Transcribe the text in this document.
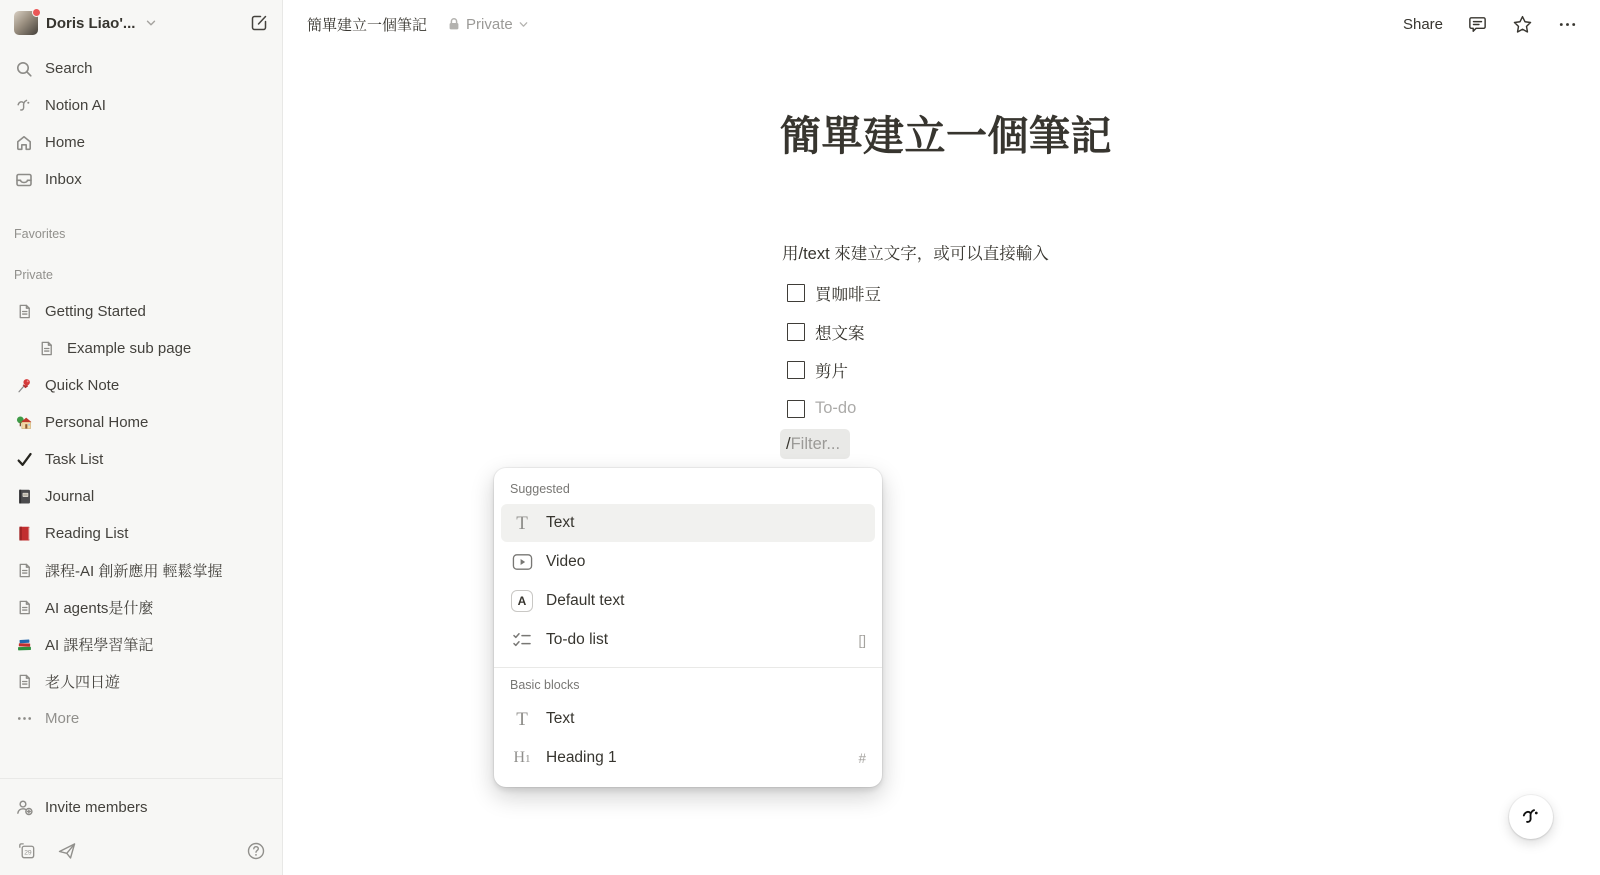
Doris Liao'...
Search
Notion AI
Home
Inbox
Favorites
Private
Getting Started
Example sub page
Quick Note
Personal Home
Task List
Journal
Reading List
課程-AI 創新應用 輕鬆掌握
AI agents是什麼
AI 課程學習筆記
老人四日遊
More
Invite members
29
簡單建立一個筆記	Private	Share
簡單建立一個筆記

用/text 來建立文字，或可以直接輸入

買咖啡豆
想文案
剪片
To-do
/ Filter...
Suggested
T Text
Video
A	Default text
To-do list	[]
Basic blocks
T Text
H1 Heading 1	#
